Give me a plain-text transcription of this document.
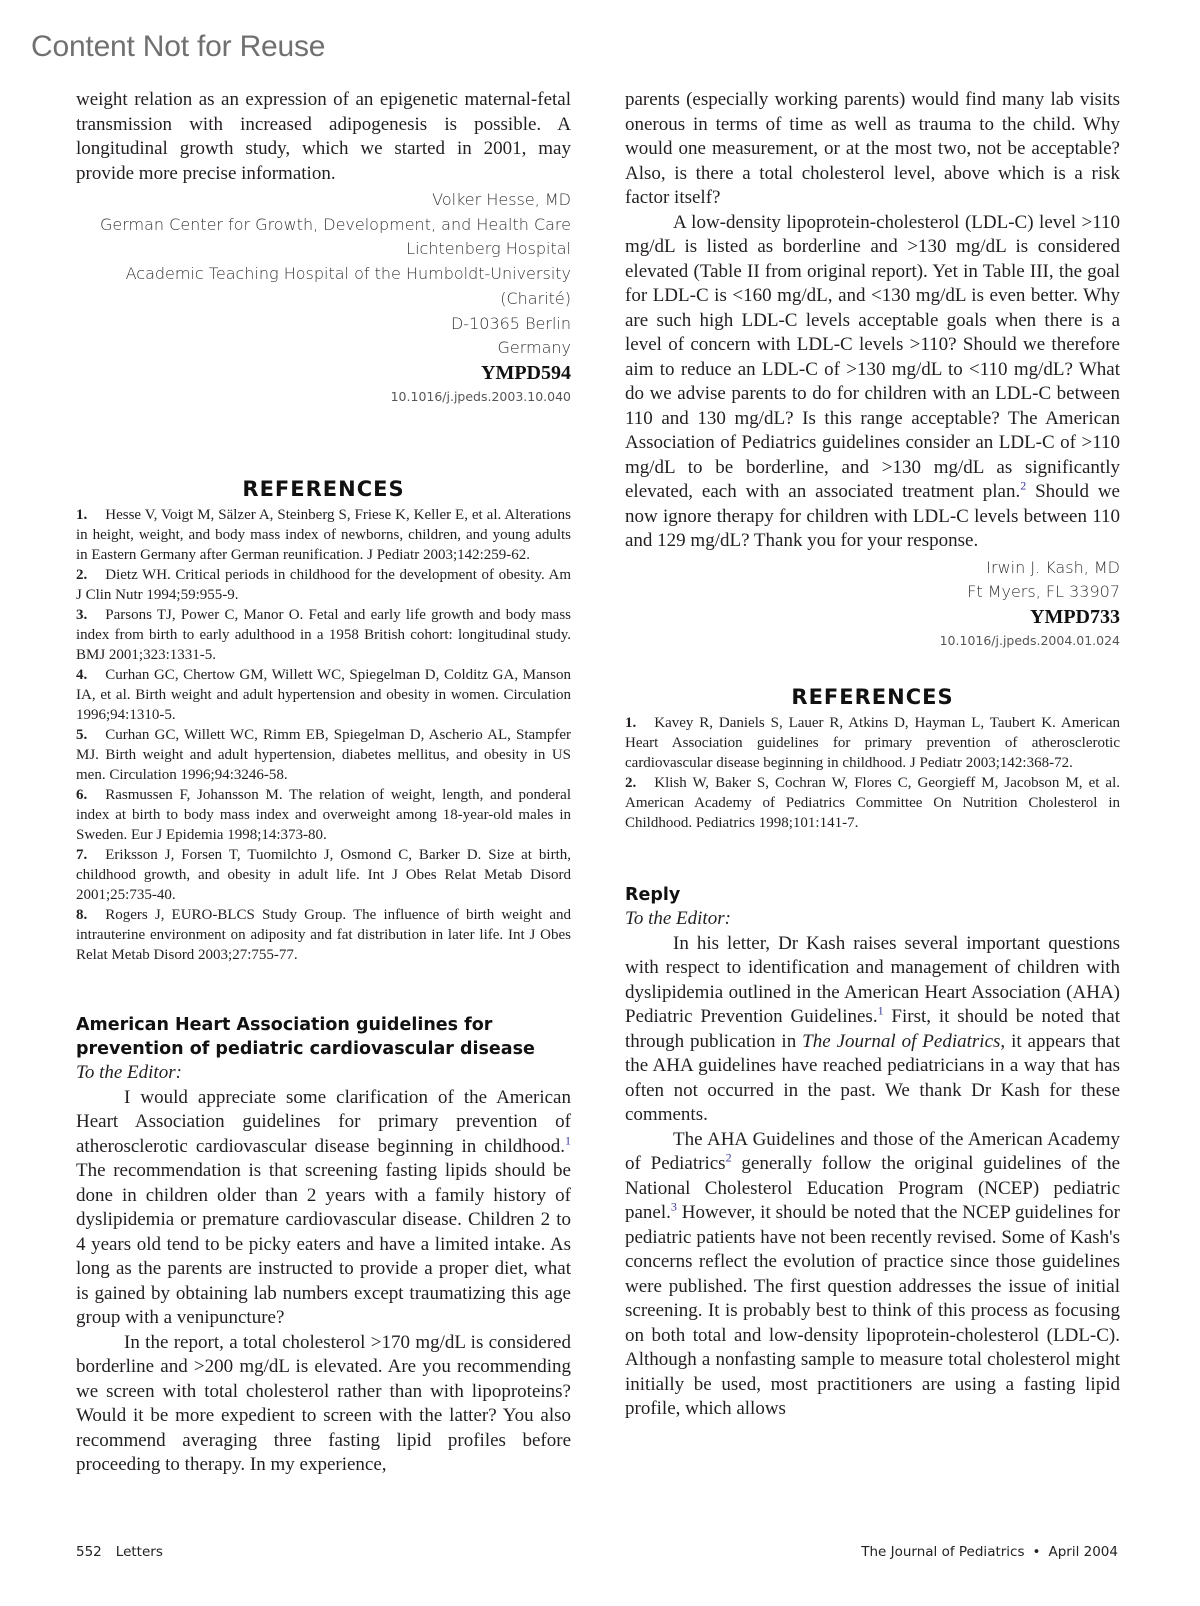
Content Not for Reuse

weight relation as an expression of an epigenetic maternal-fetal transmission with increased adipogenesis is possible. A longitudinal growth study, which we started in 2001, may provide more precise information.

Volker Hesse, MD
German Center for Growth, Development, and Health Care
Lichtenberg Hospital
Academic Teaching Hospital of the Humboldt-University (Charité)
D-10365 Berlin
Germany
YMPD594
10.1016/j.jpeds.2003.10.040
REFERENCES

1. Hesse V, Voigt M, Sälzer A, Steinberg S, Friese K, Keller E, et al. Alterations in height, weight, and body mass index of newborns, children, and young adults in Eastern Germany after German reunification. J Pediatr 2003;142:259-62.

2. Dietz WH. Critical periods in childhood for the development of obesity. Am J Clin Nutr 1994;59:955-9.

3. Parsons TJ, Power C, Manor O. Fetal and early life growth and body mass index from birth to early adulthood in a 1958 British cohort: longitudinal study. BMJ 2001;323:1331-5.

4. Curhan GC, Chertow GM, Willett WC, Spiegelman D, Colditz GA, Manson IA, et al. Birth weight and adult hypertension and obesity in women. Circulation 1996;94:1310-5.

5. Curhan GC, Willett WC, Rimm EB, Spiegelman D, Ascherio AL, Stampfer MJ. Birth weight and adult hypertension, diabetes mellitus, and obesity in US men. Circulation 1996;94:3246-58.

6. Rasmussen F, Johansson M. The relation of weight, length, and ponderal index at birth to body mass index and overweight among 18-year-old males in Sweden. Eur J Epidemia 1998;14:373-80.

7. Eriksson J, Forsen T, Tuomilchto J, Osmond C, Barker D. Size at birth, childhood growth, and obesity in adult life. Int J Obes Relat Metab Disord 2001;25:735-40.

8. Rogers J, EURO-BLCS Study Group. The influence of birth weight and intrauterine environment on adiposity and fat distribution in later life. Int J Obes Relat Metab Disord 2003;27:755-77.

American Heart Association guidelines for prevention of pediatric cardiovascular disease

To the Editor:

I would appreciate some clarification of the American Heart Association guidelines for primary prevention of atherosclerotic cardiovascular disease beginning in childhood.$^1$ The recommendation is that screening fasting lipids should be done in children older than 2 years with a family history of dyslipidemia or premature cardiovascular disease. Children 2 to 4 years old tend to be picky eaters and have a limited intake. As long as the parents are instructed to provide a proper diet, what is gained by obtaining lab numbers except traumatizing this age group with a venipuncture?

In the report, a total cholesterol >170 mg/dL is considered borderline and >200 mg/dL is elevated. Are you recommending we screen with total cholesterol rather than with lipoproteins? Would it be more expedient to screen with the latter? You also recommend averaging three fasting lipid profiles before proceeding to therapy. In my experience,

parents (especially working parents) would find many lab visits onerous in terms of time as well as trauma to the child. Why would one measurement, or at the most two, not be acceptable? Also, is there a total cholesterol level, above which is a risk factor itself?

A low-density lipoprotein-cholesterol (LDL-C) level >110 mg/dL is listed as borderline and >130 mg/dL is considered elevated (Table II from original report). Yet in Table III, the goal for LDL-C is <160 mg/dL, and <130 mg/dL is even better. Why are such high LDL-C levels acceptable goals when there is a level of concern with LDL-C levels >110? Should we therefore aim to reduce an LDL-C of >130 mg/dL to <110 mg/dL? What do we advise parents to do for children with an LDL-C between 110 and 130 mg/dL? Is this range acceptable? The American Association of Pediatrics guidelines consider an LDL-C of >110 mg/dL to be borderline, and >130 mg/dL as significantly elevated, each with an associated treatment plan.$^2$ Should we now ignore therapy for children with LDL-C levels between 110 and 129 mg/dL? Thank you for your response.

Irwin J. Kash, MD
Ft Myers, FL 33907
YMPD733
10.1016/j.jpeds.2004.01.024
REFERENCES

1. Kavey R, Daniels S, Lauer R, Atkins D, Hayman L, Taubert K. American Heart Association guidelines for primary prevention of atherosclerotic cardiovascular disease beginning in childhood. J Pediatr 2003;142:368-72.

2. Klish W, Baker S, Cochran W, Flores C, Georgieff M, Jacobson M, et al. American Academy of Pediatrics Committee On Nutrition Cholesterol in Childhood. Pediatrics 1998;101:141-7.

Reply

To the Editor:

In his letter, Dr Kash raises several important questions with respect to identification and management of children with dyslipidemia outlined in the American Heart Association (AHA) Pediatric Prevention Guidelines.$^1$ First, it should be noted that through publication in The Journal of Pediatrics, it appears that the AHA guidelines have reached pediatricians in a way that has often not occurred in the past. We thank Dr Kash for these comments.

The AHA Guidelines and those of the American Academy of Pediatrics$^2$ generally follow the original guidelines of the National Cholesterol Education Program (NCEP) pediatric panel.$^3$ However, it should be noted that the NCEP guidelines for pediatric patients have not been recently revised. Some of Kash's concerns reflect the evolution of practice since those guidelines were published. The first question addresses the issue of initial screening. It is probably best to think of this process as focusing on both total and low-density lipoprotein-cholesterol (LDL-C). Although a nonfasting sample to measure total cholesterol might initially be used, most practitioners are using a fasting lipid profile, which allows

552 Letters	The Journal of Pediatrics • April 2004
